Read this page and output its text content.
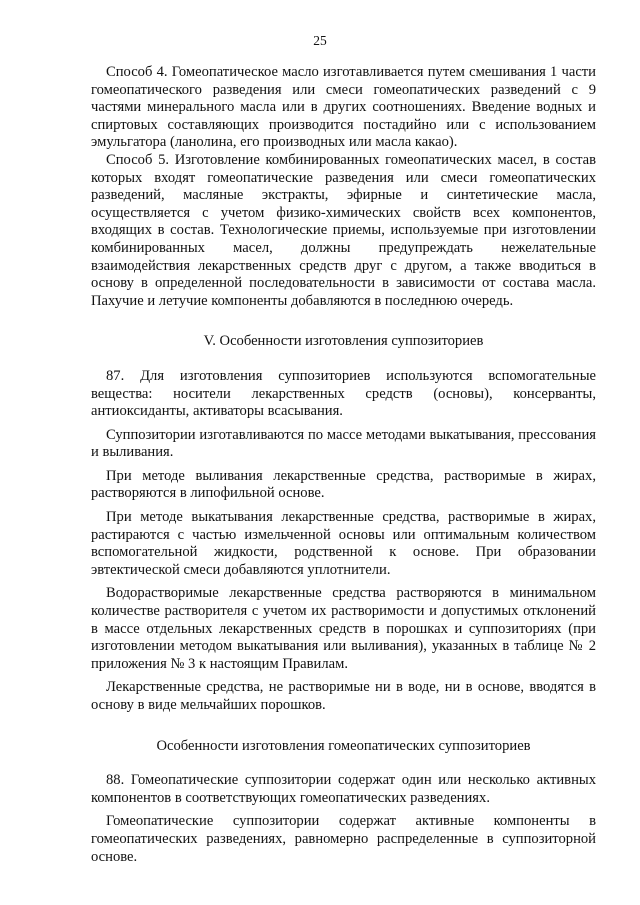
25

Способ 4. Гомеопатическое масло изготавливается путем смешивания 1 части гомеопатического разведения или смеси гомеопатических разведений с 9 частями минерального масла или в других соотношениях. Введение водных и спиртовых составляющих производится постадийно или с использованием эмульгатора (ланолина, его производных или масла какао).

Способ 5. Изготовление комбинированных гомеопатических масел, в состав которых входят гомеопатические разведения или смеси гомеопатических разведений, масляные экстракты, эфирные и синтетические масла, осуществляется с учетом физико-химических свойств всех компонентов, входящих в состав. Технологические приемы, используемые при изготовлении комбинированных масел, должны предупреждать нежелательные взаимодействия лекарственных средств друг с другом, а также вводиться в основу в определенной последовательности в зависимости от состава масла. Пахучие и летучие компоненты добавляются в последнюю очередь.

V. Особенности изготовления суппозиториев

87. Для изготовления суппозиториев используются вспомогательные вещества: носители лекарственных средств (основы), консерванты, антиоксиданты, активаторы всасывания.

Суппозитории изготавливаются по массе методами выкатывания, прессования и выливания.

При методе выливания лекарственные средства, растворимые в жирах, растворяются в липофильной основе.

При методе выкатывания лекарственные средства, растворимые в жирах, растираются с частью измельченной основы или оптимальным количеством вспомогательной жидкости, родственной к основе. При образовании эвтектической смеси добавляются уплотнители.

Водорастворимые лекарственные средства растворяются в минимальном количестве растворителя с учетом их растворимости и допустимых отклонений в массе отдельных лекарственных средств в порошках и суппозиториях (при изготовлении методом выкатывания или выливания), указанных в таблице № 2 приложения № 3 к настоящим Правилам.

Лекарственные средства, не растворимые ни в воде, ни в основе, вводятся в основу в виде мельчайших порошков.

Особенности изготовления гомеопатических суппозиториев

88. Гомеопатические суппозитории содержат один или несколько активных компонентов в соответствующих гомеопатических разведениях.

Гомеопатические суппозитории содержат активные компоненты в гомеопатических разведениях, равномерно распределенные в суппозиторной основе.
